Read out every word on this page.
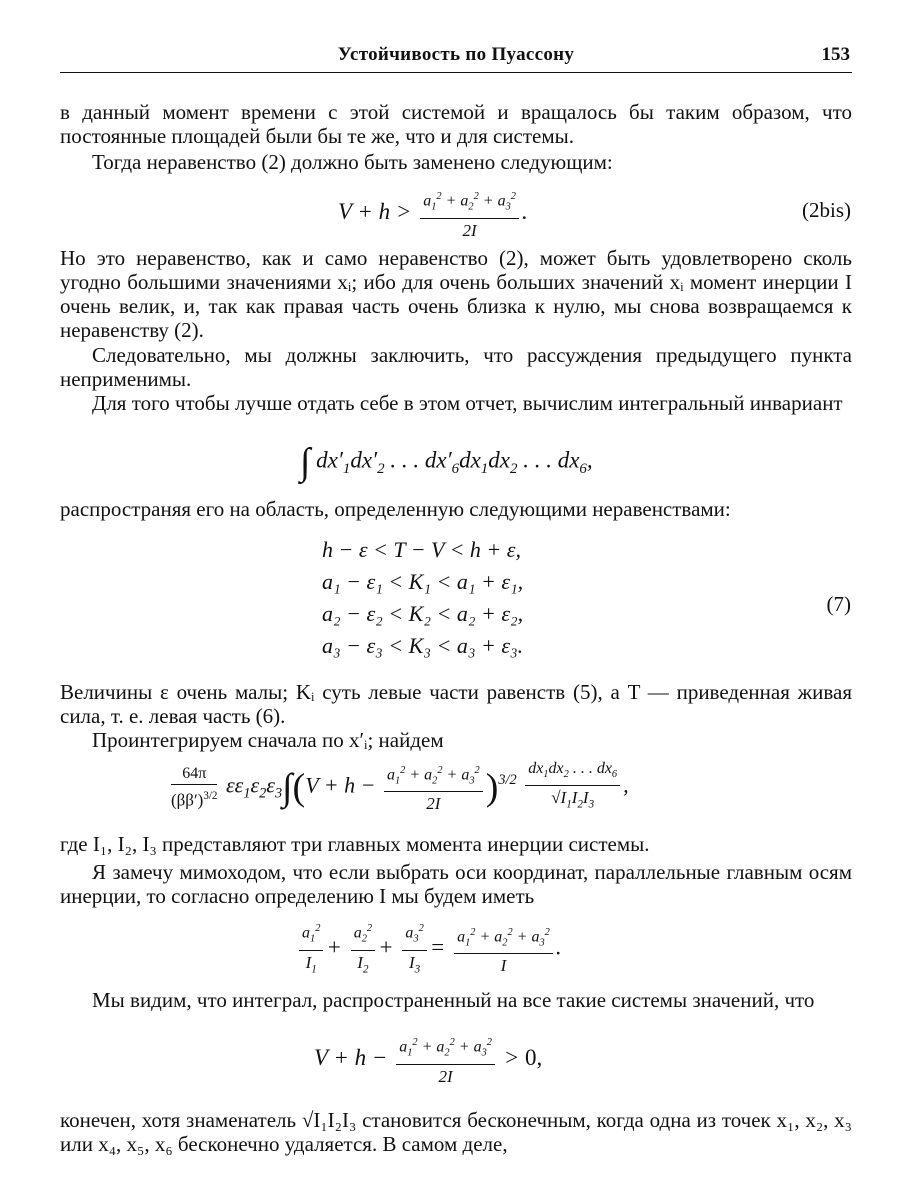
Устойчивость по Пуассону	153
в данный момент времени с этой системой и вращалось бы таким образом, что постоянные площадей были бы те же, что и для системы.
Тогда неравенство (2) должно быть заменено следующим:
$V + h > \frac{a_1^2 + a_2^2 + a_3^2}{2I}$ .	(2bis)
Но это неравенство, как и само неравенство (2), может быть удовлетворено сколь угодно большими значениями xᵢ; ибо для очень больших значений xᵢ момент инерции I очень велик, и, так как правая часть очень близка к нулю, мы снова возвращаемся к неравенству (2).
Следовательно, мы должны заключить, что рассуждения предыдущего пункта неприменимы.
Для того чтобы лучше отдать себе в этом отчет, вычислим интегральный инвариант
∫ $dx'_1dx'_2$ . . . $dx'_6dx_1dx_2$ . . . $dx_6$,
распространяя его на область, определенную следующими неравенствами:
h − ε < T − V < h + ε,
a₁ − ε₁ < K₁ < a₁ + ε₁,
a₂ − ε₂ < K₂ < a₂ + ε₂,
a₃ − ε₃ < K₃ < a₃ + ε₃.
(7)
Величины ε очень малы; Kᵢ суть левые части равенств (5), а T — приведенная живая сила, т. е. левая часть (6).
Проинтегрируем сначала по x′ᵢ; найдем
$\frac{64\pi}{(\beta\beta')^{3/2}} \varepsilon\varepsilon_1\varepsilon_2\varepsilon_3\int(V + h - \frac{a_1^2 + a_2^2 + a_3^2}{2I} )^{3/2} \frac{dx_1dx_2 . . . dx_6}{√I_1I_2I_3}$ ,
где I₁, I₂, I₃ представляют три главных момента инерции системы.
Я замечу мимоходом, что если выбрать оси координат, параллельные главным осям инерции, то согласно определению I мы будем иметь
$\frac{a_1^2}{I_1} + \frac{a_2^2}{I_2} + \frac{a_3^2}{I_3} = \frac{a_1^2 + a_2^2 + a_3^2}{I}$ .
Мы видим, что интеграл, распространенный на все такие системы значений, что
$V + h - \frac{a_1^2 + a_2^2 + a_3^2}{2I} > 0$,
конечен, хотя знаменатель √I₁I₂I₃ становится бесконечным, когда одна из точек x₁, x₂, x₃ или x₄, x₅, x₆ бесконечно удаляется. В самом деле,
